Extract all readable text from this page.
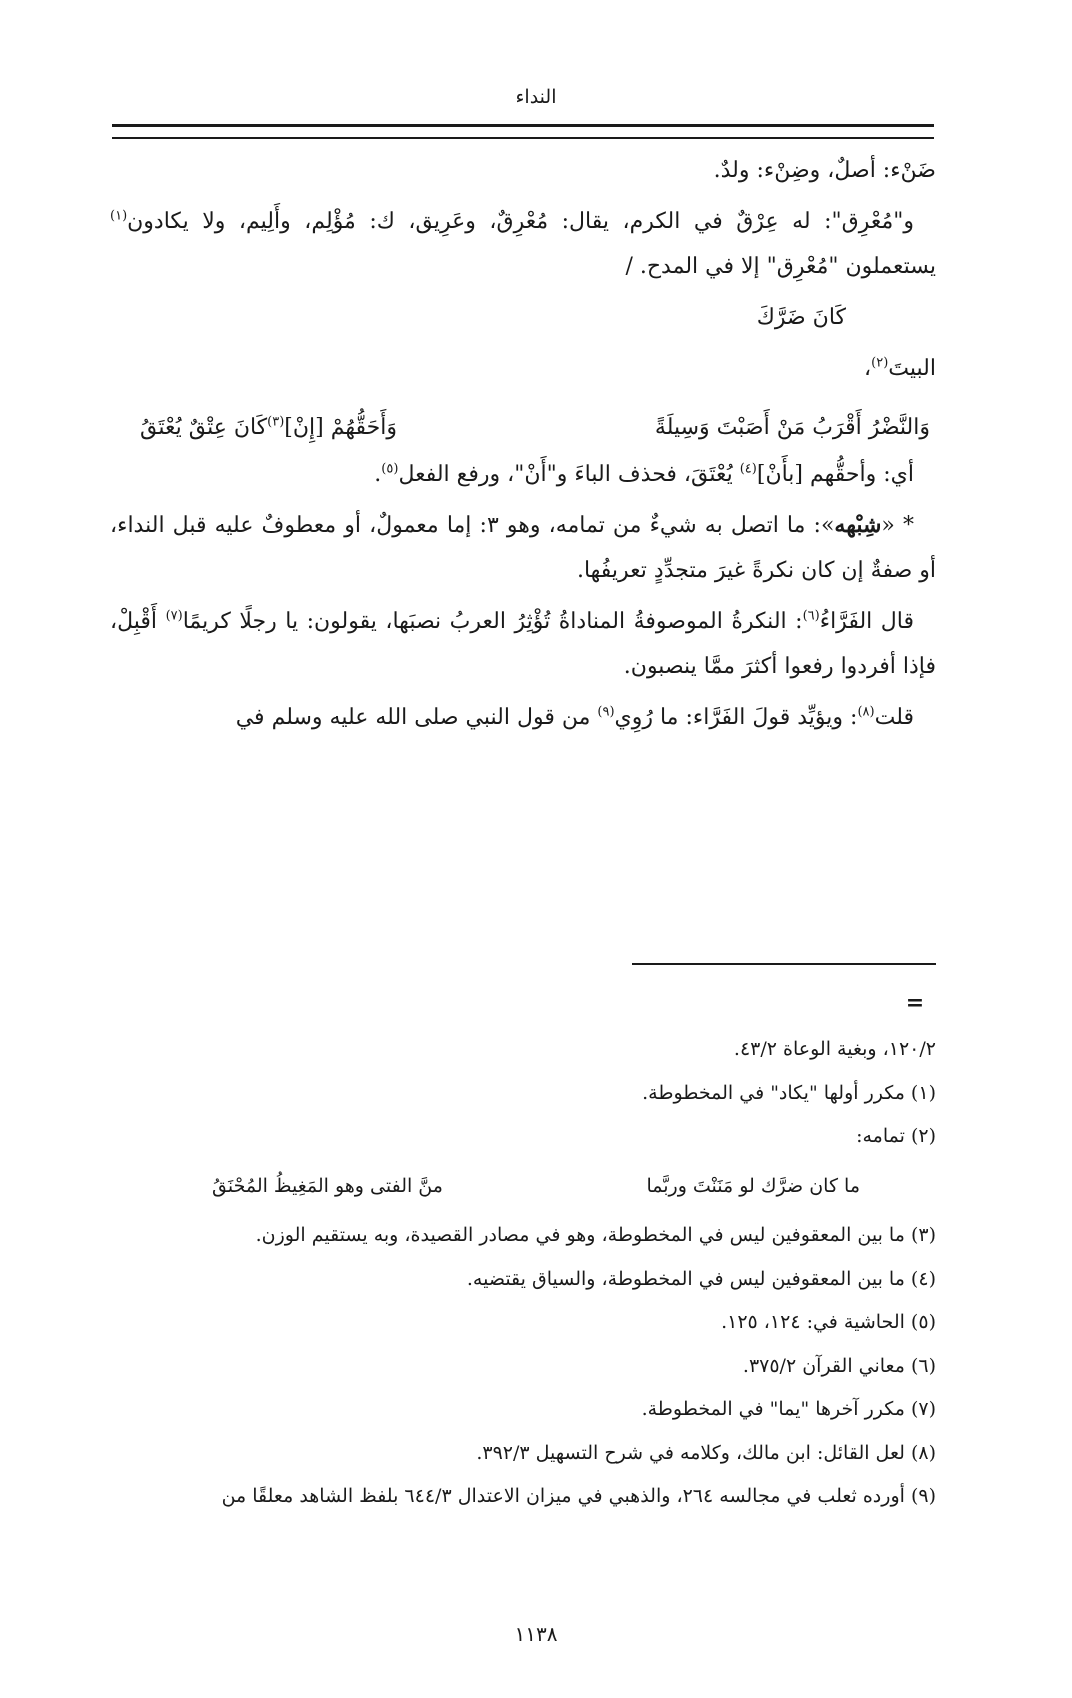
النداء

ضَنْء: أصلٌ، وضِنْء: ولدٌ.

و"مُعْرِق": له عِرْقٌ في الكرم، يقال: مُعْرِقٌ، وعَرِيق، ك: مُؤْلِم، وأَلِيم، ولا يكادون$^{(١)}$ يستعملون "مُعْرِق" إلا في المدح. /

كَانَ ضَرَّكَ

البيتَ$^{(٢)}$،

وَالنَّضْرُ أَقْرَبُ مَنْ أَصَبْتَ وَسِيلَةً
وَأَحَقُّهُمْ [إِنْ]$^{(٣)}$كَانَ عِتْقٌ يُعْتَقُ

أي: وأحقُّهم [بأَنْ]$^{(٤)}$ يُعْتَقَ، فحذف الباءَ و"أَنْ"، ورفع الفعل$^{(٥)}$.

* «شِبْهه»: ما اتصل به شيءٌ من تمامه، وهو ٣: إما معمولٌ، أو معطوفٌ عليه قبل النداء، أو صفةٌ إن كان نكرةً غيرَ متجدِّدٍ تعريفُها.

قال الفَرَّاءُ$^{(٦)}$: النكرةُ الموصوفةُ المناداةُ تُؤْثِرُ العربُ نصبَها، يقولون: يا رجلًا كريمًا$^{(٧)}$ أَقْبِلْ، فإذا أفردوا رفعوا أكثرَ ممَّا ينصبون.

قلت$^{(٨)}$: ويؤيِّد قولَ الفَرَّاء: ما رُوِي$^{(٩)}$ من قول النبي صلى الله عليه وسلم في

=

١٢٠/٢، وبغية الوعاة ٤٣/٢.

(١) مكرر أولها "يكاد" في المخطوطة.

(٢) تمامه:

ما كان ضرَّك لو مَنَنْتَ وربَّما
منَّ الفتى وهو المَغِيظُ المُحْنَقُ

(٣) ما بين المعقوفين ليس في المخطوطة، وهو في مصادر القصيدة، وبه يستقيم الوزن.

(٤) ما بين المعقوفين ليس في المخطوطة، والسياق يقتضيه.

(٥) الحاشية في: ١٢٤، ١٢٥.

(٦) معاني القرآن ٣٧٥/٢.

(٧) مكرر آخرها "يما" في المخطوطة.

(٨) لعل القائل: ابن مالك، وكلامه في شرح التسهيل ٣٩٢/٣.

(٩) أورده ثعلب في مجالسه ٢٦٤، والذهبي في ميزان الاعتدال ٦٤٤/٣ بلفظ الشاهد معلقًا من

١١٣٨
